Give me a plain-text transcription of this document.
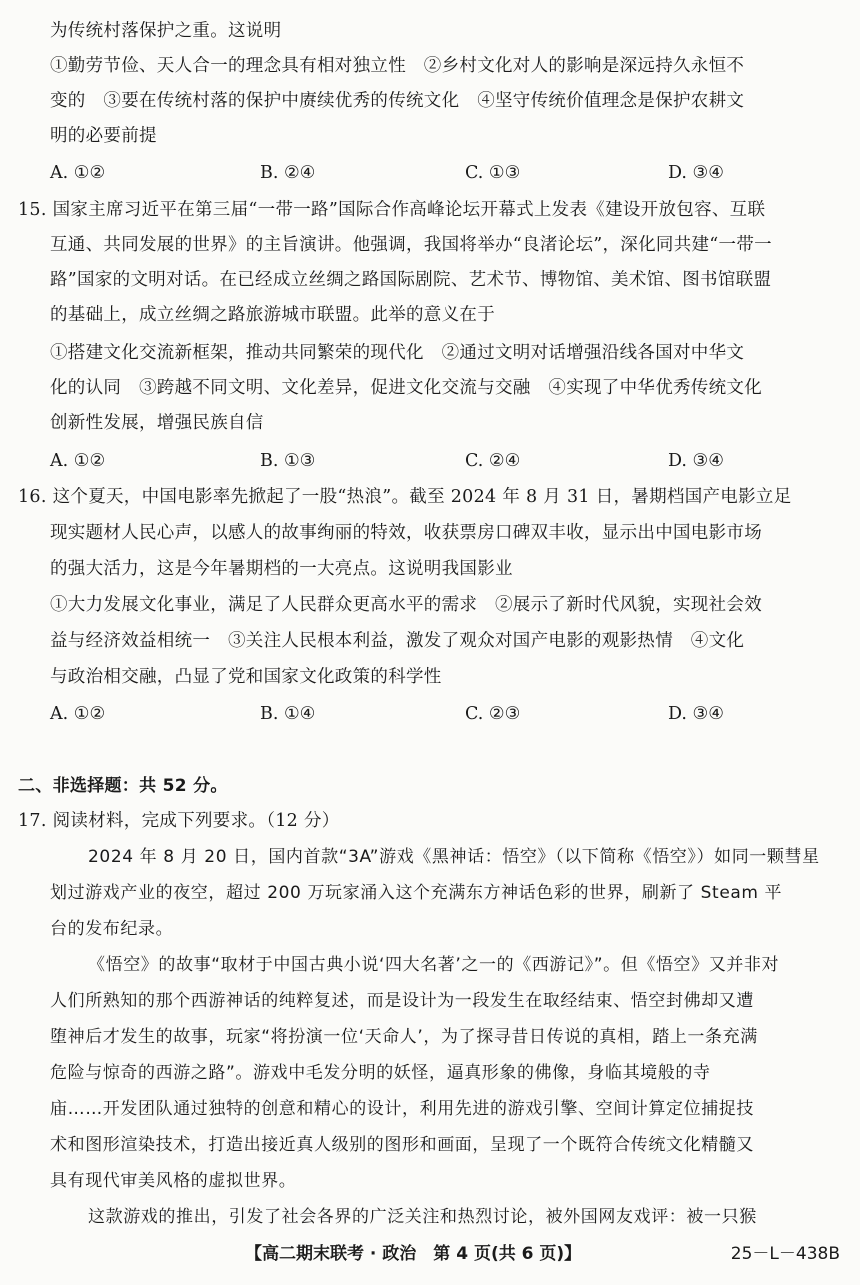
为传统村落保护之重。这说明
①勤劳节俭、天人合一的理念具有相对独立性　②乡村文化对人的影响是深远持久永恒不
变的　③要在传统村落的保护中赓续优秀的传统文化　④坚守传统价值理念是保护农耕文
明的必要前提
A. ①②	B. ②④	C. ①③	D. ③④
15. 国家主席习近平在第三届“一带一路”国际合作高峰论坛开幕式上发表《建设开放包容、互联
互通、共同发展的世界》的主旨演讲。他强调，我国将举办“良渚论坛”，深化同共建“一带一
路”国家的文明对话。在已经成立丝绸之路国际剧院、艺术节、博物馆、美术馆、图书馆联盟
的基础上，成立丝绸之路旅游城市联盟。此举的意义在于
①搭建文化交流新框架，推动共同繁荣的现代化　②通过文明对话增强沿线各国对中华文
化的认同　③跨越不同文明、文化差异，促进文化交流与交融　④实现了中华优秀传统文化
创新性发展，增强民族自信
A. ①②	B. ①③	C. ②④	D. ③④
16. 这个夏天，中国电影率先掀起了一股“热浪”。截至 2024 年 8 月 31 日，暑期档国产电影立足
现实题材人民心声，以感人的故事绚丽的特效，收获票房口碑双丰收，显示出中国电影市场
的强大活力，这是今年暑期档的一大亮点。这说明我国影业
①大力发展文化事业，满足了人民群众更高水平的需求　②展示了新时代风貌，实现社会效
益与经济效益相统一　③关注人民根本利益，激发了观众对国产电影的观影热情　④文化
与政治相交融，凸显了党和国家文化政策的科学性
A. ①②	B. ①④	C. ②③	D. ③④
二、非选择题：共 52 分。
17. 阅读材料，完成下列要求。（12 分）
2024 年 8 月 20 日，国内首款“3A”游戏《黑神话：悟空》（以下简称《悟空》）如同一颗彗星
划过游戏产业的夜空，超过 200 万玩家涌入这个充满东方神话色彩的世界，刷新了 Steam 平
台的发布纪录。
《悟空》的故事“取材于中国古典小说‘四大名著’之一的《西游记》”。但《悟空》又并非对
人们所熟知的那个西游神话的纯粹复述，而是设计为一段发生在取经结束、悟空封佛却又遭
堕神后才发生的故事，玩家“将扮演一位‘天命人’，为了探寻昔日传说的真相，踏上一条充满
危险与惊奇的西游之路”。游戏中毛发分明的妖怪，逼真形象的佛像，身临其境般的寺
庙……开发团队通过独特的创意和精心的设计，利用先进的游戏引擎、空间计算定位捕捉技
术和图形渲染技术，打造出接近真人级别的图形和画面，呈现了一个既符合传统文化精髓又
具有现代审美风格的虚拟世界。
这款游戏的推出，引发了社会各界的广泛关注和热烈讨论，被外国网友戏评：被一只猴
【高二期末联考 · 政治　第 4 页(共 6 页)】	25－L－438B
